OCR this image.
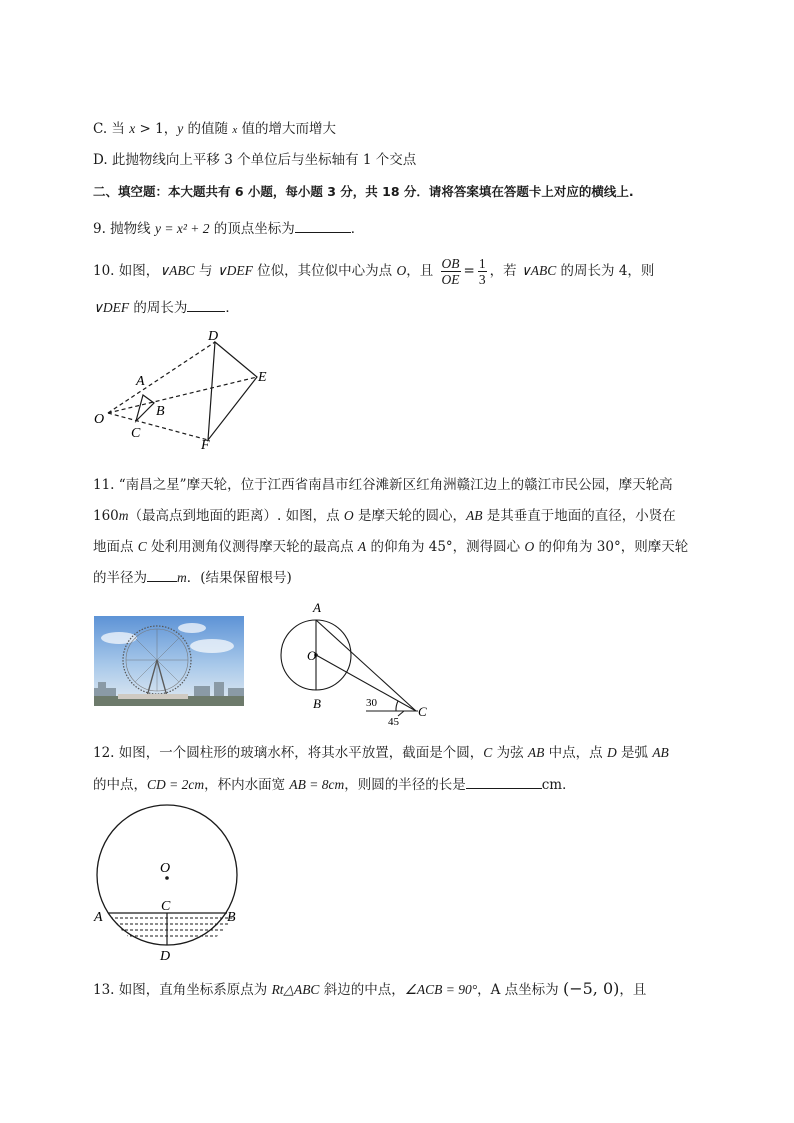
C. 当 x > 1，y 的值随 x 值的增大而增大
D. 此抛物线向上平移 3 个单位后与坐标轴有 1 个交点
二、填空题：本大题共有 6 小题，每小题 3 分，共 18 分．请将答案填在答题卡上对应的横线上.
9. 抛物线 y = x² + 2 的顶点坐标为	．
10. 如图，∨ABC 与 ∨DEF 位似，其位似中心为点 O，且 $\frac{OB}{OE} = \frac{1}{3}$ ，若 ∨ABC 的周长为 4，则
∨DEF 的周长为	．
D
E
A
B
O
C
F
11. “南昌之星”摩天轮，位于江西省南昌市红谷滩新区红角洲赣江边上的赣江市民公园，摩天轮高
160m（最高点到地面的距离）. 如图，点 O 是摩天轮的圆心，AB 是其垂直于地面的直径，小贤在
地面点 C 处利用测角仪测得摩天轮的最高点 A 的仰角为 45°，测得圆心 O 的仰角为 30°，则摩天轮
的半径为 m．(结果保留根号)
A
O
B
C
30
45
12. 如图，一个圆柱形的玻璃水杯，将其水平放置，截面是个圆，C 为弦 AB 中点，点 D 是弧 AB
的中点，CD = 2cm，杯内水面宽 AB = 8cm，则圆的半径的长是	cm．
O
A
C
B
D
13. 如图，直角坐标系原点为 Rt△ABC 斜边的中点，∠ACB = 90°，A 点坐标为 (−5, 0)，且
